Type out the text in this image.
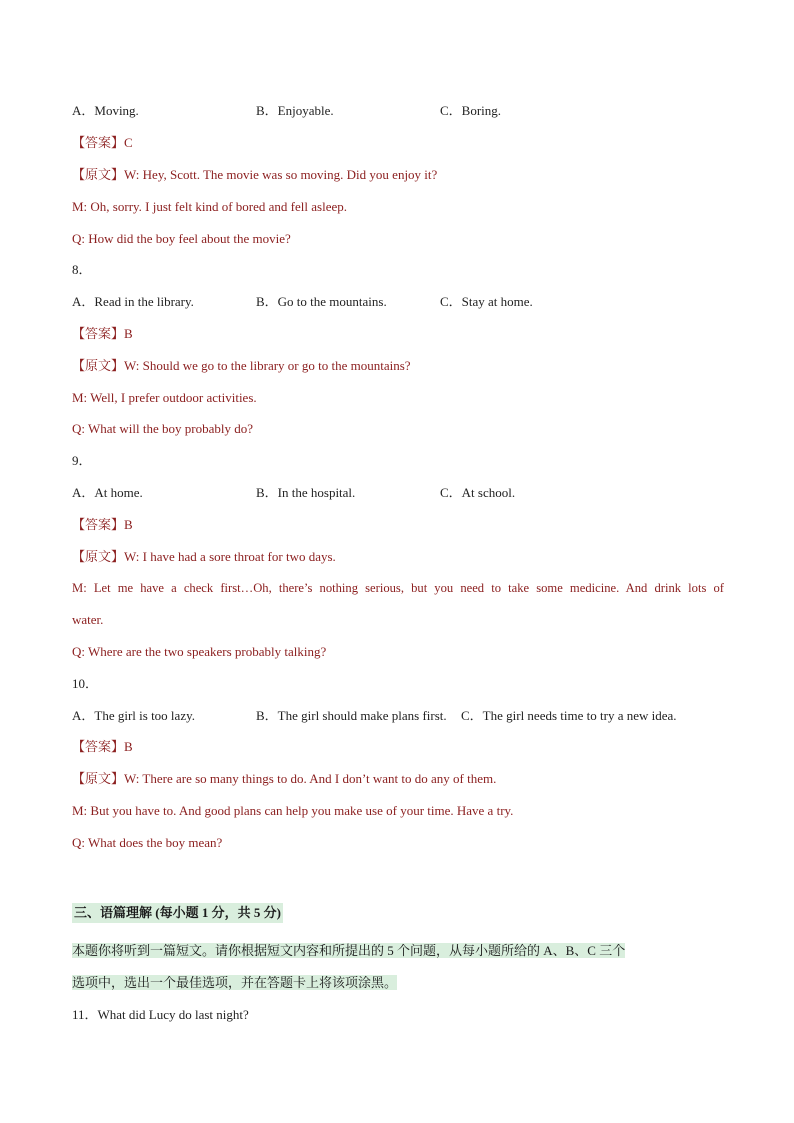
A．Moving.	B．Enjoyable.	C．Boring.
【答案】C
【原文】W: Hey, Scott. The movie was so moving. Did you enjoy it?
M: Oh, sorry. I just felt kind of bored and fell asleep.
Q: How did the boy feel about the movie?
8．
A．Read in the library.	B．Go to the mountains.	C．Stay at home.
【答案】B
【原文】W: Should we go to the library or go to the mountains?
M: Well, I prefer outdoor activities.
Q: What will the boy probably do?
9．
A．At home.	B．In the hospital.	C．At school.
【答案】B
【原文】W: I have had a sore throat for two days.
M: Let me have a check first…Oh, there’s nothing serious, but you need to take some medicine. And drink lots of
water.
Q: Where are the two speakers probably talking?
10．
A．The girl is too lazy.	B．The girl should make plans first. C．The girl needs time to try a new idea.
【答案】B
【原文】W: There are so many things to do. And I don’t want to do any of them.
M: But you have to. And good plans can help you make use of your time. Have a try.
Q: What does the boy mean?
三、语篇理解 (每小题 1 分，共 5 分)
本题你将听到一篇短文。请你根据短文内容和所提出的 5 个问题，从每小题所给的 A、B、C 三个
选项中，选出一个最佳选项，并在答题卡上将该项涂黑。
11．What did Lucy do last night?
